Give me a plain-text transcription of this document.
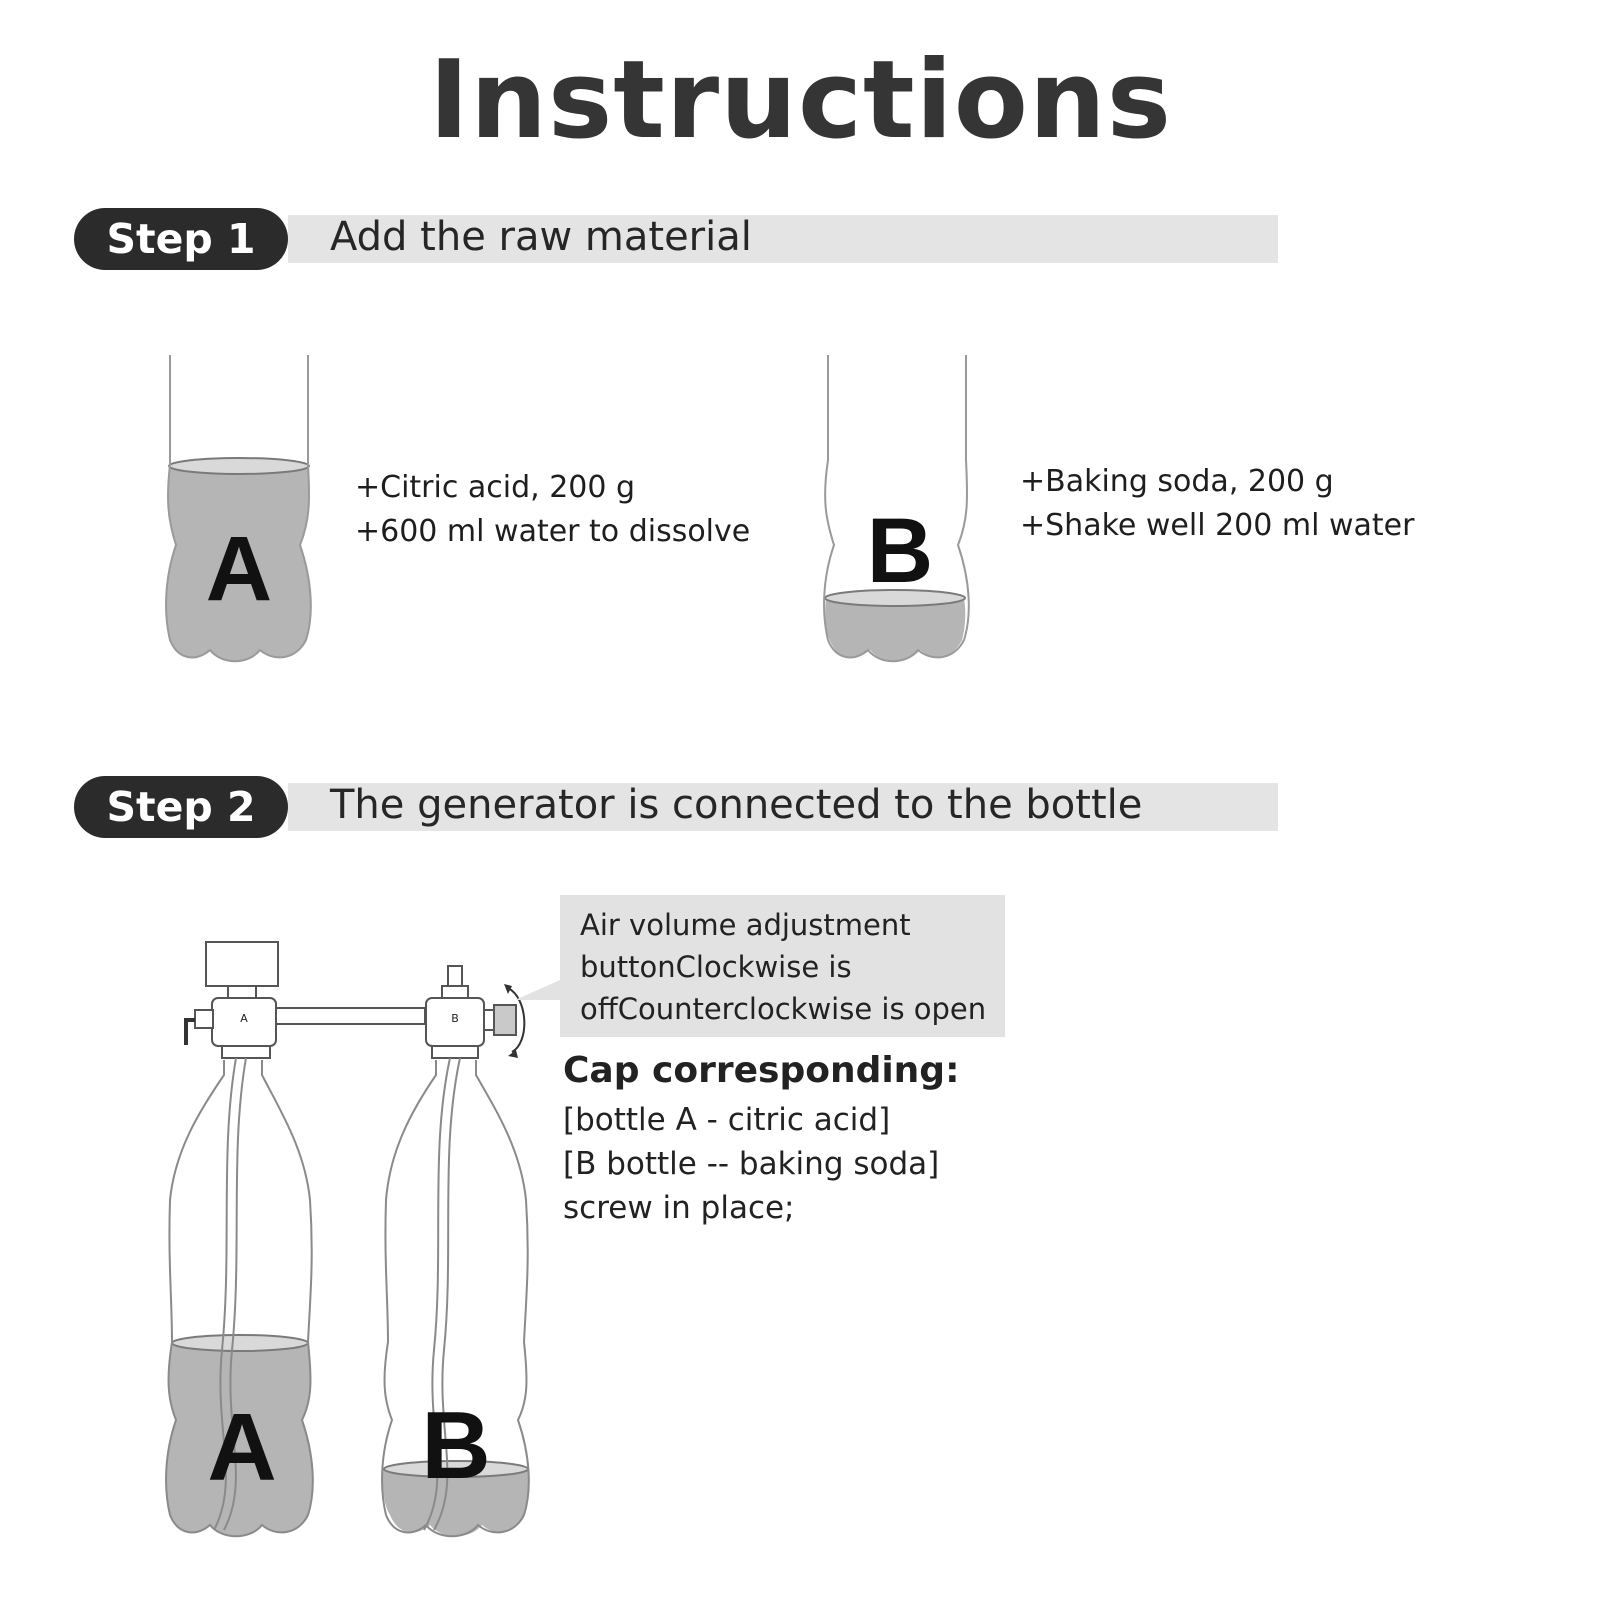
Instructions
Step 1	Add the raw material
A	B
A	B
A B
+Citric acid, 200 g
+600 ml water to dissolve
+Baking soda, 200 g
+Shake well 200 ml water
Step 2	The generator is connected to the bottle
Air volume adjustment
buttonClockwise is
offCounterclockwise is open
Cap corresponding:
[bottle A - citric acid]
[B bottle -- baking soda]
screw in place;
